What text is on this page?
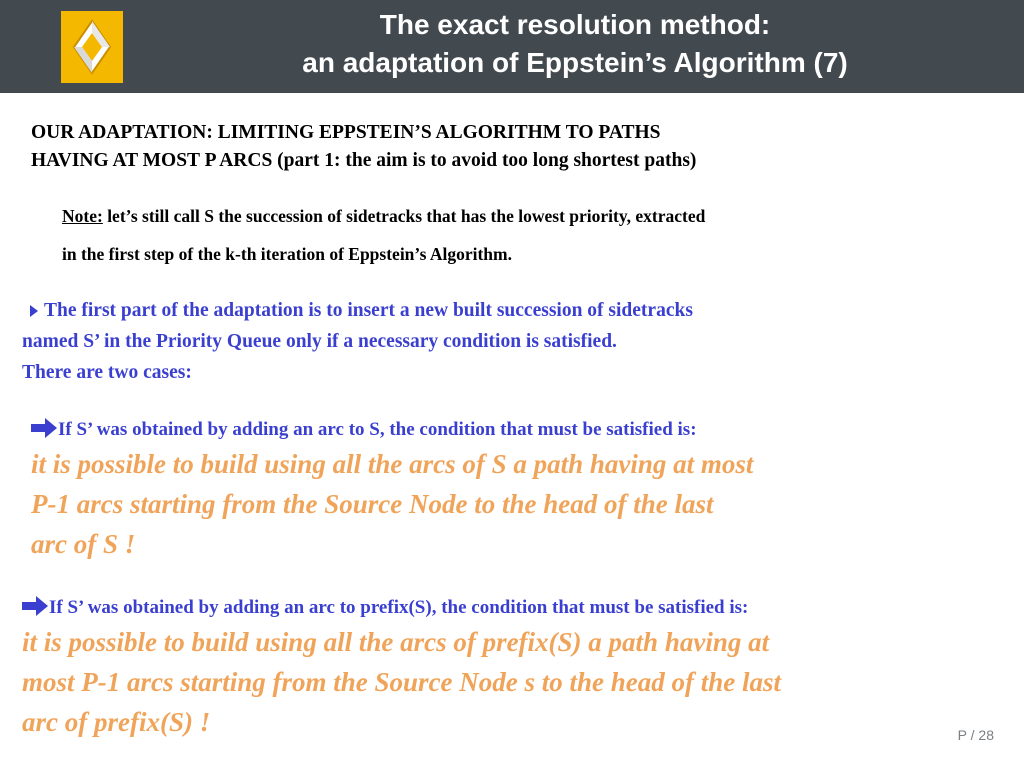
The exact resolution method:
an adaptation of Eppstein’s Algorithm (7)
OUR ADAPTATION: LIMITING EPPSTEIN’S ALGORITHM TO PATHS
HAVING AT MOST P ARCS (part 1: the aim is to avoid too long shortest paths)
Note: let’s still call S the succession of sidetracks that has the lowest priority, extracted
in the first step of the k-th iteration of Eppstein’s Algorithm.
The first part of the adaptation is to insert a new built succession of sidetracks
named S’ in the Priority Queue only if a necessary condition is satisfied.
There are two cases:
If S’ was obtained by adding an arc to S, the condition that must be satisfied is:
it is possible to build using all the arcs of S a path having at most
P-1 arcs starting from the Source Node to the head of the last
arc of S !
If S’ was obtained by adding an arc to prefix(S), the condition that must be satisfied is:
it is possible to build using all the arcs of prefix(S) a path having at
most P-1 arcs starting from the Source Node s to the head of the last
arc of prefix(S) !	P / 28
